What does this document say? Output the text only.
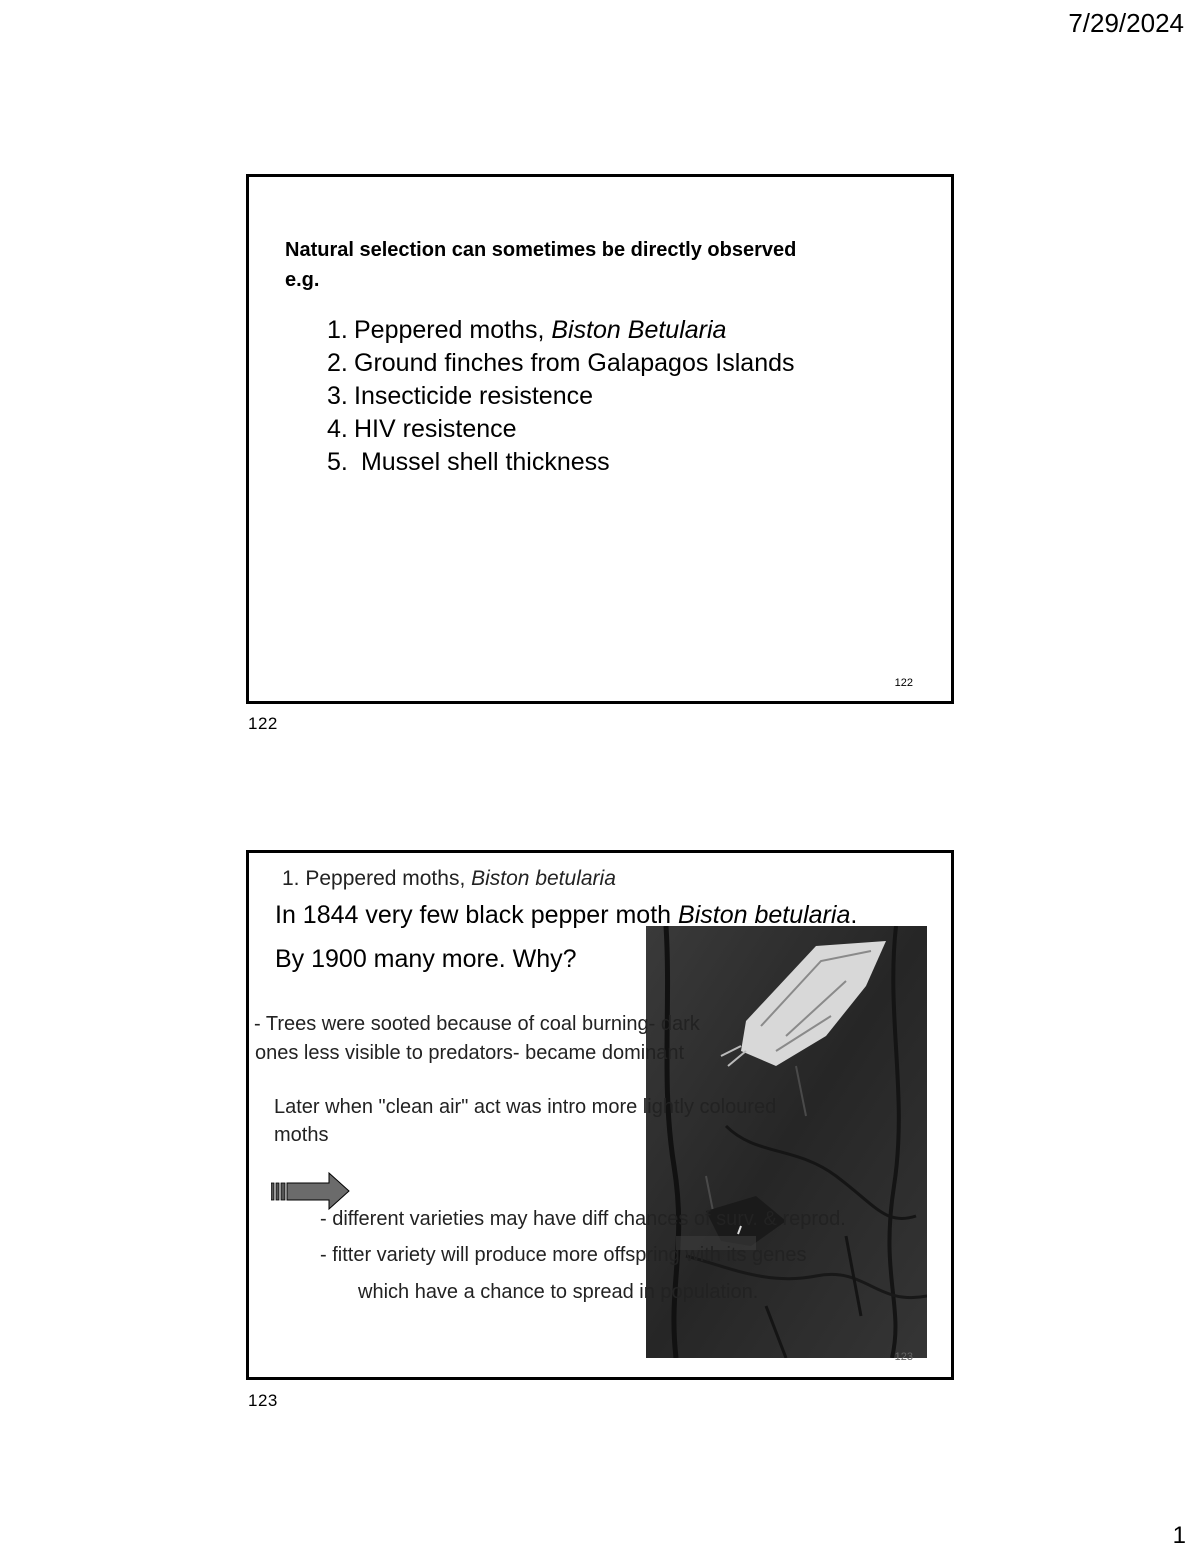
7/29/2024
Natural selection can sometimes be directly observed
e.g.
1. Peppered moths, Biston Betularia
2. Ground finches from Galapagos Islands
3. Insecticide resistence
4. HIV resistence
5. Mussel shell thickness
122
122
1. Peppered moths, Biston betularia
In 1844 very few black pepper moth Biston betularia.
By 1900 many more. Why?
- Trees were sooted because of coal burning- dark
ones less visible to predators- became dominant
Later when "clean air" act was intro more lightly coloured
moths
- different varieties may have diff chances of surv. & reprod.
- fitter variety will produce more offspring with its genes
which have a chance to spread in population.
123
123
1
